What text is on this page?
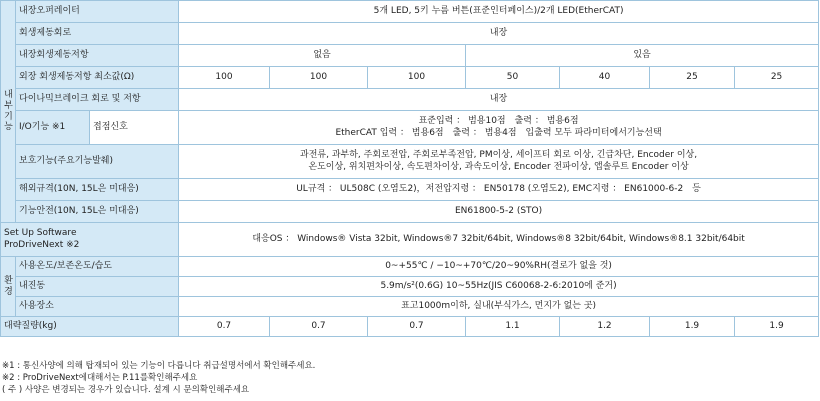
내부기능	내장오퍼레이터		5개 LED, 5키 누름 버튼(표준인터페이스)/2개 LED(EtherCAT)						
	회생제동회로		내장						
	내장회생제동저항		없음			있음			
	외장 회생제동저항 최소값(Ω)		100	100	100	50	40	25	25
	다이나믹브레이크 회로 및 저항		내장						
	I/O기능 ※1	접점신호	표준입력 ： 범용10점　출력 ： 범용6점
EtherCAT 입력 ： 범용6점　출력 ： 범용4점　입출력 모두 파라미터에서기능선택						

	보호기능(주요기능발췌)		과전류, 과부하, 주회로전압, 주회로부족전압, PM이상, 세이프티 회로 이상, 긴급차단, Encoder 이상,
온도이상, 위치편차이상, 속도편차이상, 과속도이상, Encoder 전파이상, 앱솔루트 Encoder 이상						

	해외규격(10N, 15L은 미대응)		UL규격 ： UL508C (오염도2)，저전압지령 ： EN50178 (오염도2), EMC지령 ： EN61000-6-2　등						
	기능안전(10N, 15L은 미대응)		EN61800-5-2 (STO)						

Set Up Software
ProDriveNext ※2			대응OS ： Windows® Vista 32bit, Windows®7 32bit/64bit, Windows®8 32bit/64bit, Windows®8.1 32bit/64bit						

환경	사용온도/보존온도/습도		0~+55℃ / −10~+70℃/20~90%RH(결로가 없을 것)						
	내진동		5.9m/s²(0.6G) 10~55Hz(JIS C60068-2-6:2010에 준거)						
	사용장소		표고1000m이하, 실내(부식가스, 먼지가 없는 곳)						
대략질량(kg)			0.7	0.7	0.7	1.1	1.2	1.9	1.9
※1 : 통신사양에 의해 탑재되어 있는 기능이 다릅니다 취급설명서에서 확인해주세요.
※2 : ProDriveNext에대해서는 P.11를확인해주세요
( 주 ) 사양은 변경되는 경우가 있습니다. 설계 시 문의확인해주세요
